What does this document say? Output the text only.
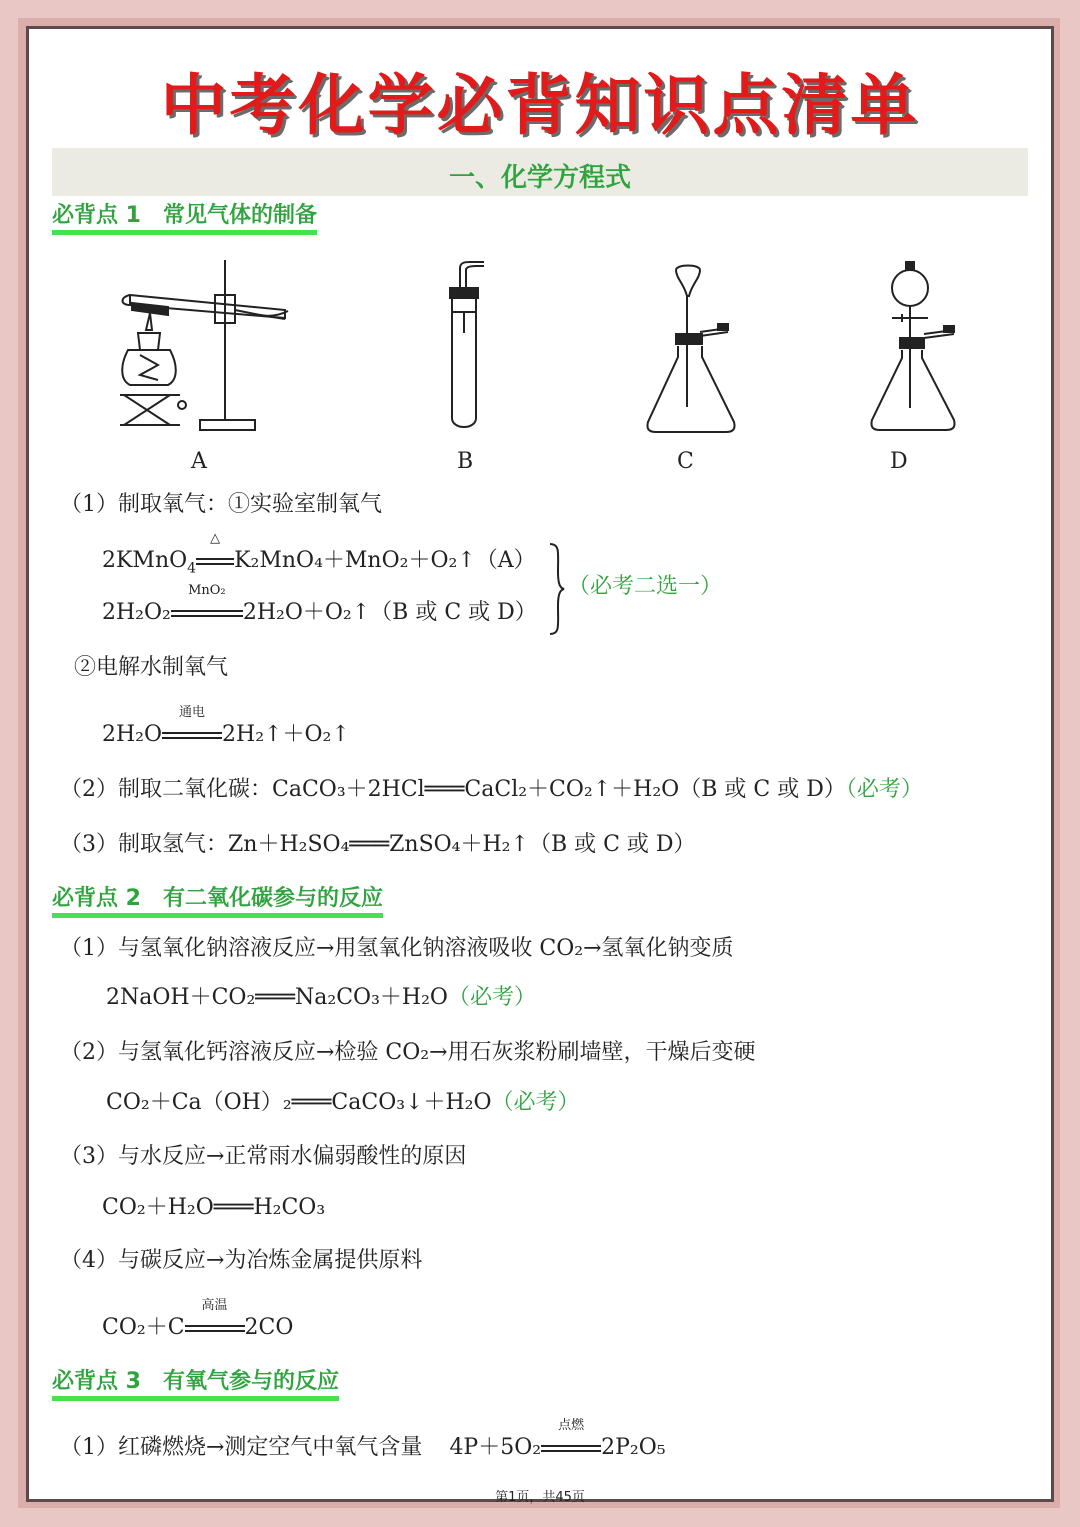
中考化学必背知识点清单
一、化学方程式
必背点 1　常见气体的制备
A	B	C	D
（1）制取氧气：①实验室制氧气
2KMnO$_4$
△
K₂MnO₄＋MnO₂＋O₂↑（A）
2H₂O₂
MnO₂
2H₂O＋O₂↑（B 或 C 或 D）
（必考二选一）
②电解水制氧气
2H₂O
通电
2H₂↑＋O₂↑
（2）制取二氧化碳：CaCO₃＋2HCl═══CaCl₂＋CO₂↑＋H₂O（B 或 C 或 D）（必考）
（3）制取氢气：Zn＋H₂SO₄═══ZnSO₄＋H₂↑（B 或 C 或 D）
必背点 2　有二氧化碳参与的反应
（1）与氢氧化钠溶液反应→用氢氧化钠溶液吸收 CO₂→氢氧化钠变质
2NaOH＋CO₂═══Na₂CO₃＋H₂O（必考）
（2）与氢氧化钙溶液反应→检验 CO₂→用石灰浆粉刷墙壁，干燥后变硬
CO₂＋Ca（OH）₂═══CaCO₃↓＋H₂O（必考）
（3）与水反应→正常雨水偏弱酸性的原因
CO₂＋H₂O═══H₂CO₃
（4）与碳反应→为冶炼金属提供原料
CO₂＋C
高温
2CO
必背点 3　有氧气参与的反应
（1）红磷燃烧→测定空气中氧气含量 4P＋5O₂
点燃
2P₂O₅
第1页，共45页
